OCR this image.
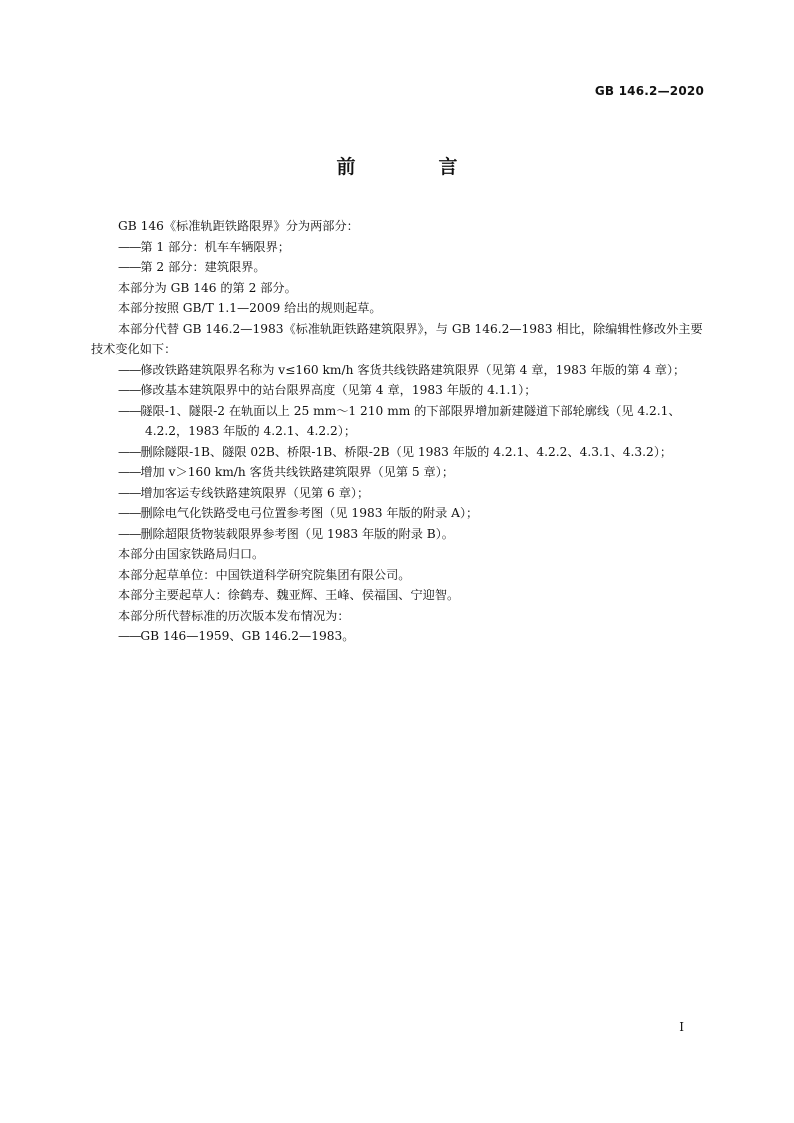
GB 146.2—2020
前　言

GB 146《标准轨距铁路限界》分为两部分：

——第 1 部分：机车车辆限界；

——第 2 部分：建筑限界。

本部分为 GB 146 的第 2 部分。

本部分按照 GB/T 1.1—2009 给出的规则起草。

本部分代替 GB 146.2—1983《标准轨距铁路建筑限界》，与 GB 146.2—1983 相比，除编辑性修改外主要技术变化如下：

——修改铁路建筑限界名称为 v≤160 km/h 客货共线铁路建筑限界（见第 4 章，1983 年版的第 4 章）；

——修改基本建筑限界中的站台限界高度（见第 4 章，1983 年版的 4.1.1）；

——隧限-1、隧限-2 在轨面以上 25 mm～1 210 mm 的下部限界增加新建隧道下部轮廓线（见 4.2.1、4.2.2，1983 年版的 4.2.1、4.2.2）；

——删除隧限-1B、隧限 02B、桥限-1B、桥限-2B（见 1983 年版的 4.2.1、4.2.2、4.3.1、4.3.2）；

——增加 v＞160 km/h 客货共线铁路建筑限界（见第 5 章）；

——增加客运专线铁路建筑限界（见第 6 章）；

——删除电气化铁路受电弓位置参考图（见 1983 年版的附录 A）；

——删除超限货物装载限界参考图（见 1983 年版的附录 B）。

本部分由国家铁路局归口。

本部分起草单位：中国铁道科学研究院集团有限公司。

本部分主要起草人：徐鹤寿、魏亚辉、王峰、侯福国、宁迎智。

本部分所代替标准的历次版本发布情况为：

——GB 146—1959、GB 146.2—1983。

I
